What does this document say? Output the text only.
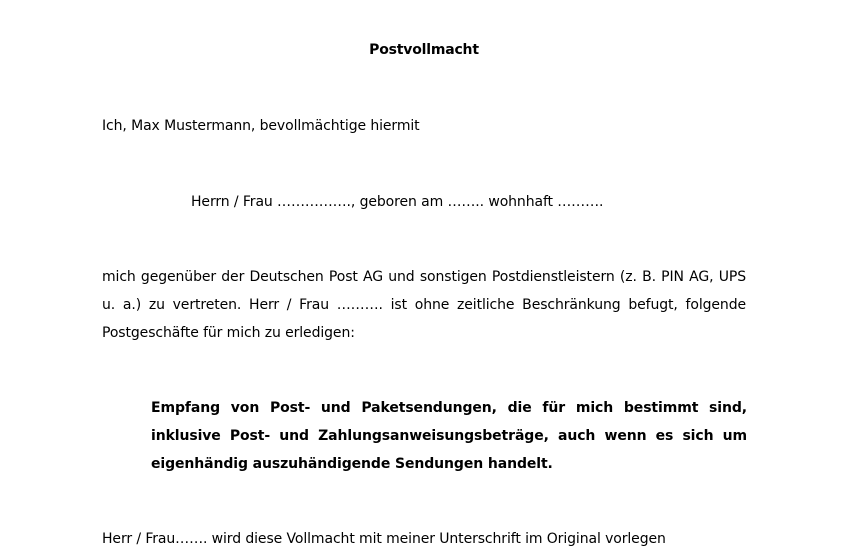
Postvollmacht
Ich, Max Mustermann, bevollmächtige hiermit
Herrn / Frau ……………., geboren am …….. wohnhaft ……….
mich gegenüber der Deutschen Post AG und sonstigen Postdienstleistern (z. B. PIN AG, UPS u. a.) zu vertreten. Herr / Frau ………. ist ohne zeitliche Beschränkung befugt, folgende Postgeschäfte für mich zu erledigen:
Empfang von Post- und Paketsendungen, die für mich bestimmt sind, inklusive Post- und Zahlungsanweisungsbeträge, auch wenn es sich um eigenhändig auszuhändigende Sendungen handelt.
Herr / Frau……. wird diese Vollmacht mit meiner Unterschrift im Original vorlegen
